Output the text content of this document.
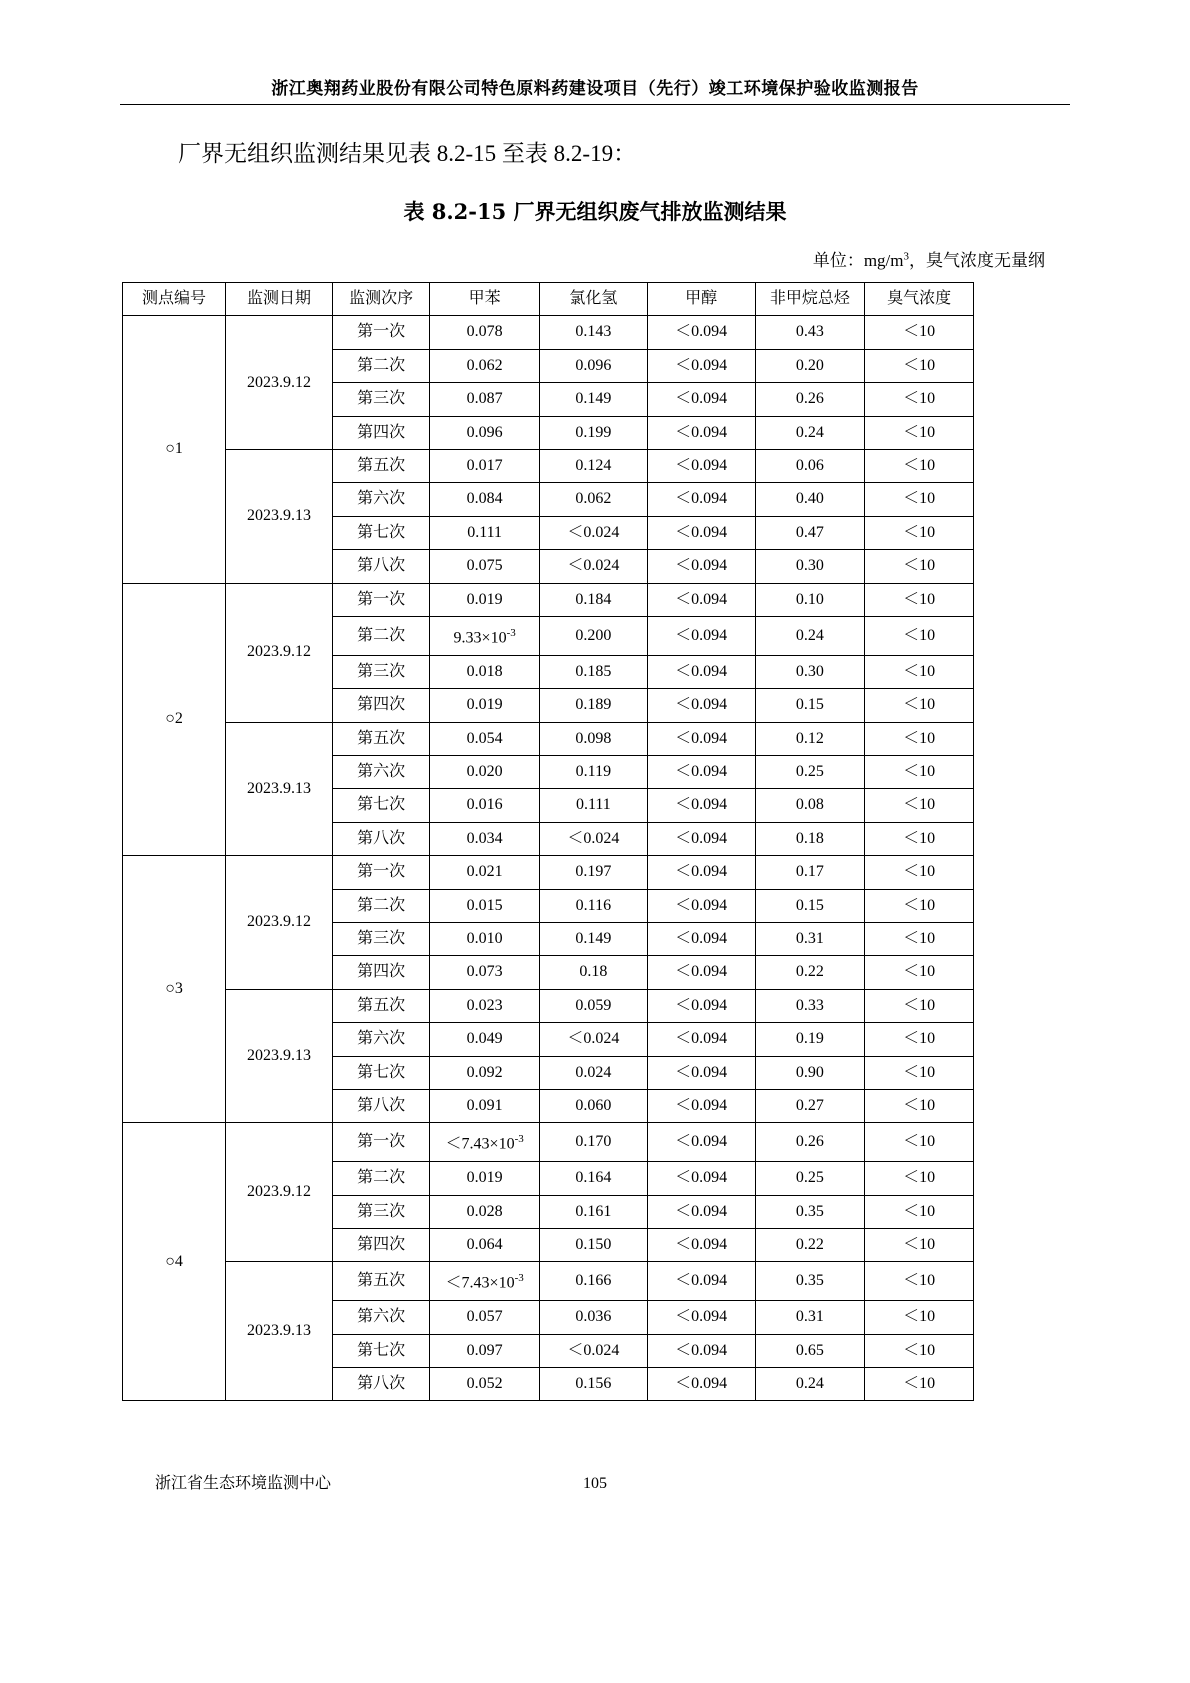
浙江奥翔药业股份有限公司特色原料药建设项目（先行）竣工环境保护验收监测报告
厂界无组织监测结果见表 8.2-15 至表 8.2-19：
表 8.2-15 厂界无组织废气排放监测结果
单位：$mg/m^3$，臭气浓度无量纲
测点编号	监测日期	监测次序	甲苯	氯化氢	甲醇	非甲烷总烃	臭气浓度
○1	2023.9.12	第一次	0.078	0.143	＜0.094	0.43	＜10
		第二次	0.062	0.096	＜0.094	0.20	＜10
		第三次	0.087	0.149	＜0.094	0.26	＜10
		第四次	0.096	0.199	＜0.094	0.24	＜10
	2023.9.13	第五次	0.017	0.124	＜0.094	0.06	＜10
		第六次	0.084	0.062	＜0.094	0.40	＜10
		第七次	0.111	＜0.024	＜0.094	0.47	＜10
		第八次	0.075	＜0.024	＜0.094	0.30	＜10
○2	2023.9.12	第一次	0.019	0.184	＜0.094	0.10	＜10
		第二次	$9.33\times 10^{-3}$	0.200	＜0.094	0.24	＜10
		第三次	0.018	0.185	＜0.094	0.30	＜10
		第四次	0.019	0.189	＜0.094	0.15	＜10
	2023.9.13	第五次	0.054	0.098	＜0.094	0.12	＜10
		第六次	0.020	0.119	＜0.094	0.25	＜10
		第七次	0.016	0.111	＜0.094	0.08	＜10
		第八次	0.034	＜0.024	＜0.094	0.18	＜10
○3	2023.9.12	第一次	0.021	0.197	＜0.094	0.17	＜10
		第二次	0.015	0.116	＜0.094	0.15	＜10
		第三次	0.010	0.149	＜0.094	0.31	＜10
		第四次	0.073	0.18	＜0.094	0.22	＜10
	2023.9.13	第五次	0.023	0.059	＜0.094	0.33	＜10
		第六次	0.049	＜0.024	＜0.094	0.19	＜10
		第七次	0.092	0.024	＜0.094	0.90	＜10
		第八次	0.091	0.060	＜0.094	0.27	＜10
○4	2023.9.12	第一次	$<7.43\times 10^{-3}$	0.170	＜0.094	0.26	＜10
		第二次	0.019	0.164	＜0.094	0.25	＜10
		第三次	0.028	0.161	＜0.094	0.35	＜10
		第四次	0.064	0.150	＜0.094	0.22	＜10
	2023.9.13	第五次	$<7.43\times 10^{-3}$	0.166	＜0.094	0.35	＜10
		第六次	0.057	0.036	＜0.094	0.31	＜10
		第七次	0.097	＜0.024	＜0.094	0.65	＜10
		第八次	0.052	0.156	＜0.094	0.24	＜10
浙江省生态环境监测中心	105
